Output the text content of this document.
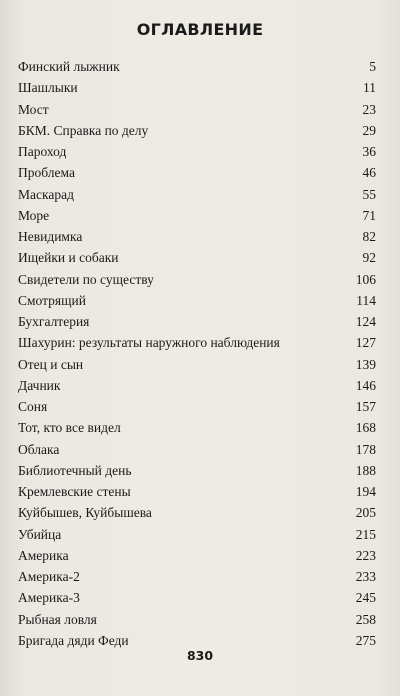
ОГЛАВЛЕНИЕ
Финский лыжник	5
Шашлыки	11
Мост	23
БКМ. Справка по делу	29
Пароход	36
Проблема	46
Маскарад	55
Море	71
Невидимка	82
Ищейки и собаки	92
Свидетели по существу	106
Смотрящий	114
Бухгалтерия	124
Шахурин: результаты наружного наблюдения	127
Отец и сын	139
Дачник	146
Соня	157
Тот, кто все видел	168
Облака	178
Библиотечный день	188
Кремлевские стены	194
Куйбышев, Куйбышева	205
Убийца	215
Америка	223
Америка-2	233
Америка-3	245
Рыбная ловля	258
Бригада дяди Феди	275
830
